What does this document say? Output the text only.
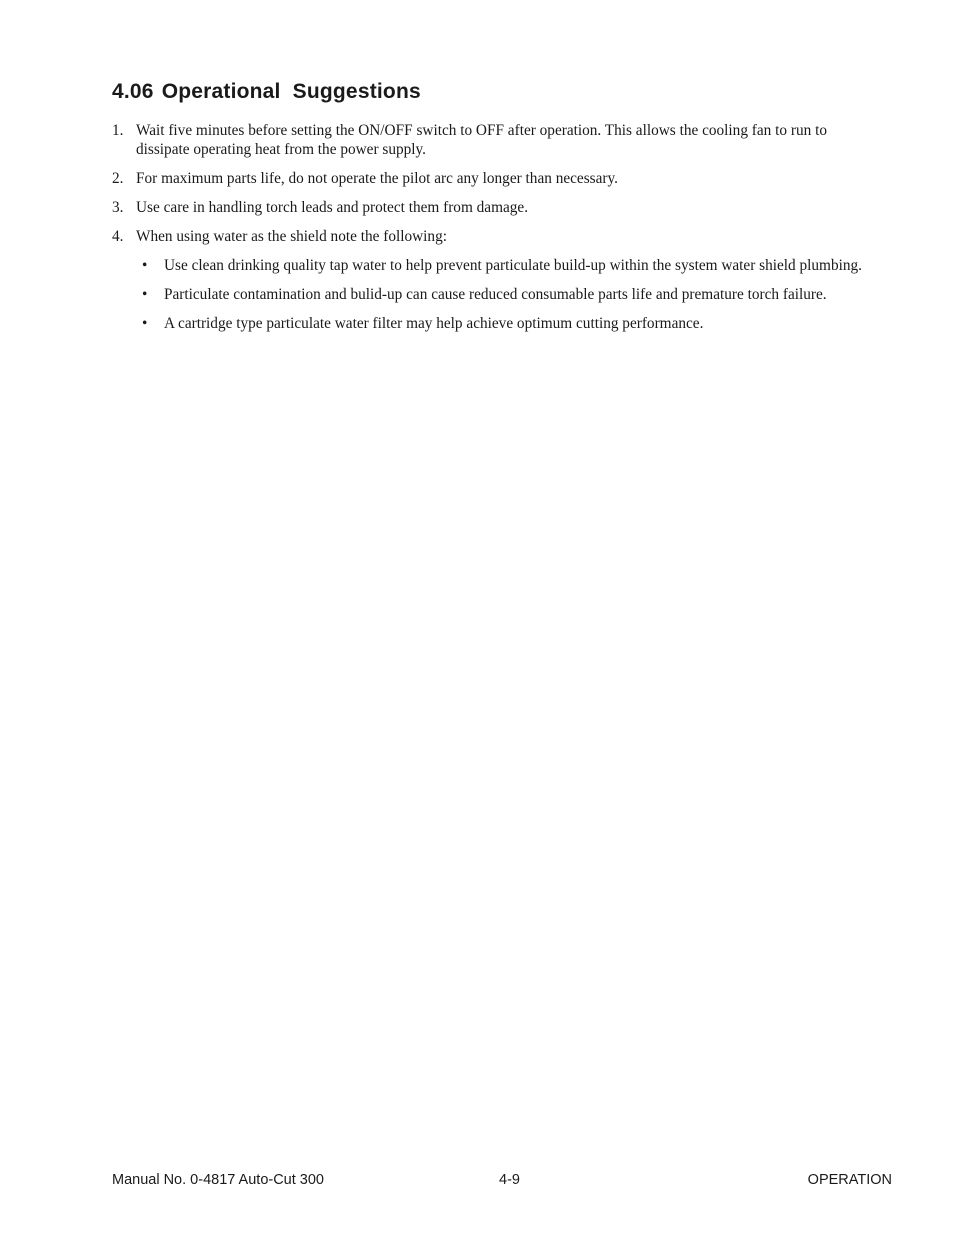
4.06 Operational  Suggestions
1. Wait five minutes before setting the ON/OFF switch to OFF after operation. This allows the cooling fan to run to dissipate operating heat from the power supply.
2. For maximum parts life, do not operate the pilot arc any longer than necessary.
3. Use care in handling torch leads and protect them from damage.
4. When using water as the shield note the following:
•	Use clean drinking quality tap water to help prevent particulate build-up within the system water shield plumbing.
•	Particulate contamination and bulid-up can cause reduced consumable parts life and premature torch failure.
•	A cartridge type particulate water filter may help achieve optimum cutting performance.
Manual No. 0-4817 Auto-Cut 300	4-9	OPERATION
